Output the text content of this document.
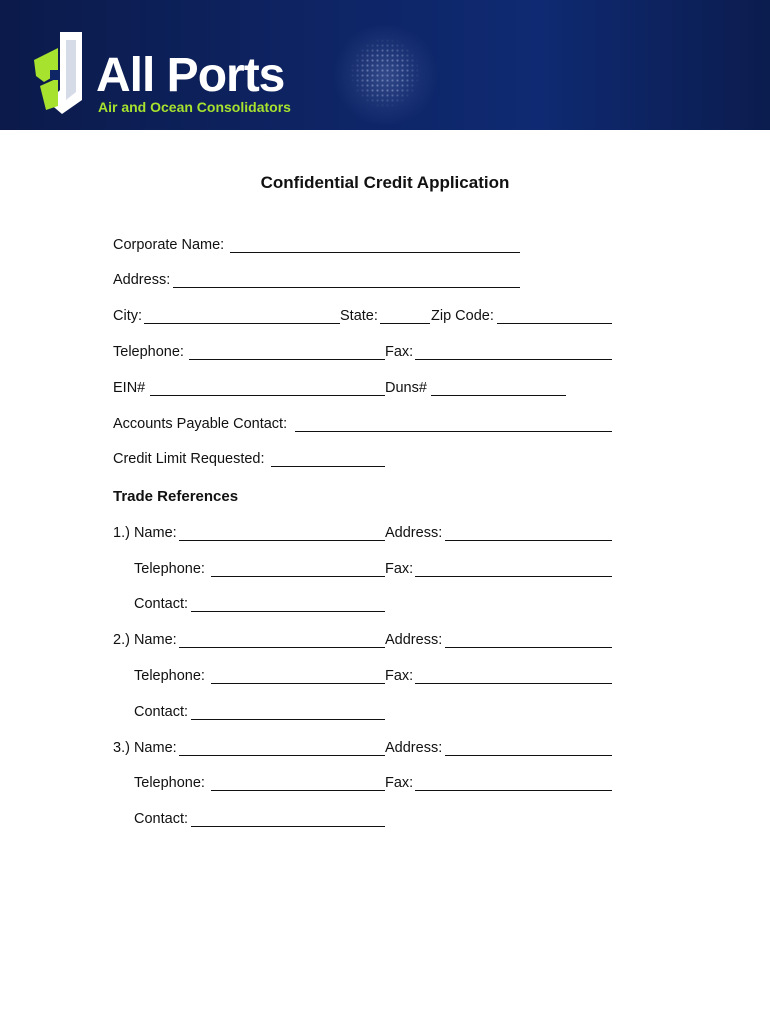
All Ports
Air and Ocean Consolidators
Confidential Credit Application
Corporate Name:
Address:
City:	State:	Zip Code:
Telephone:	Fax:
EIN#	Duns#
Accounts Payable Contact:
Credit Limit Requested:
Trade References
1.) Name:	Address:
Telephone:	Fax:
Contact:
2.) Name:	Address:
Telephone:	Fax:
Contact:
3.) Name:	Address:
Telephone:	Fax:
Contact:
